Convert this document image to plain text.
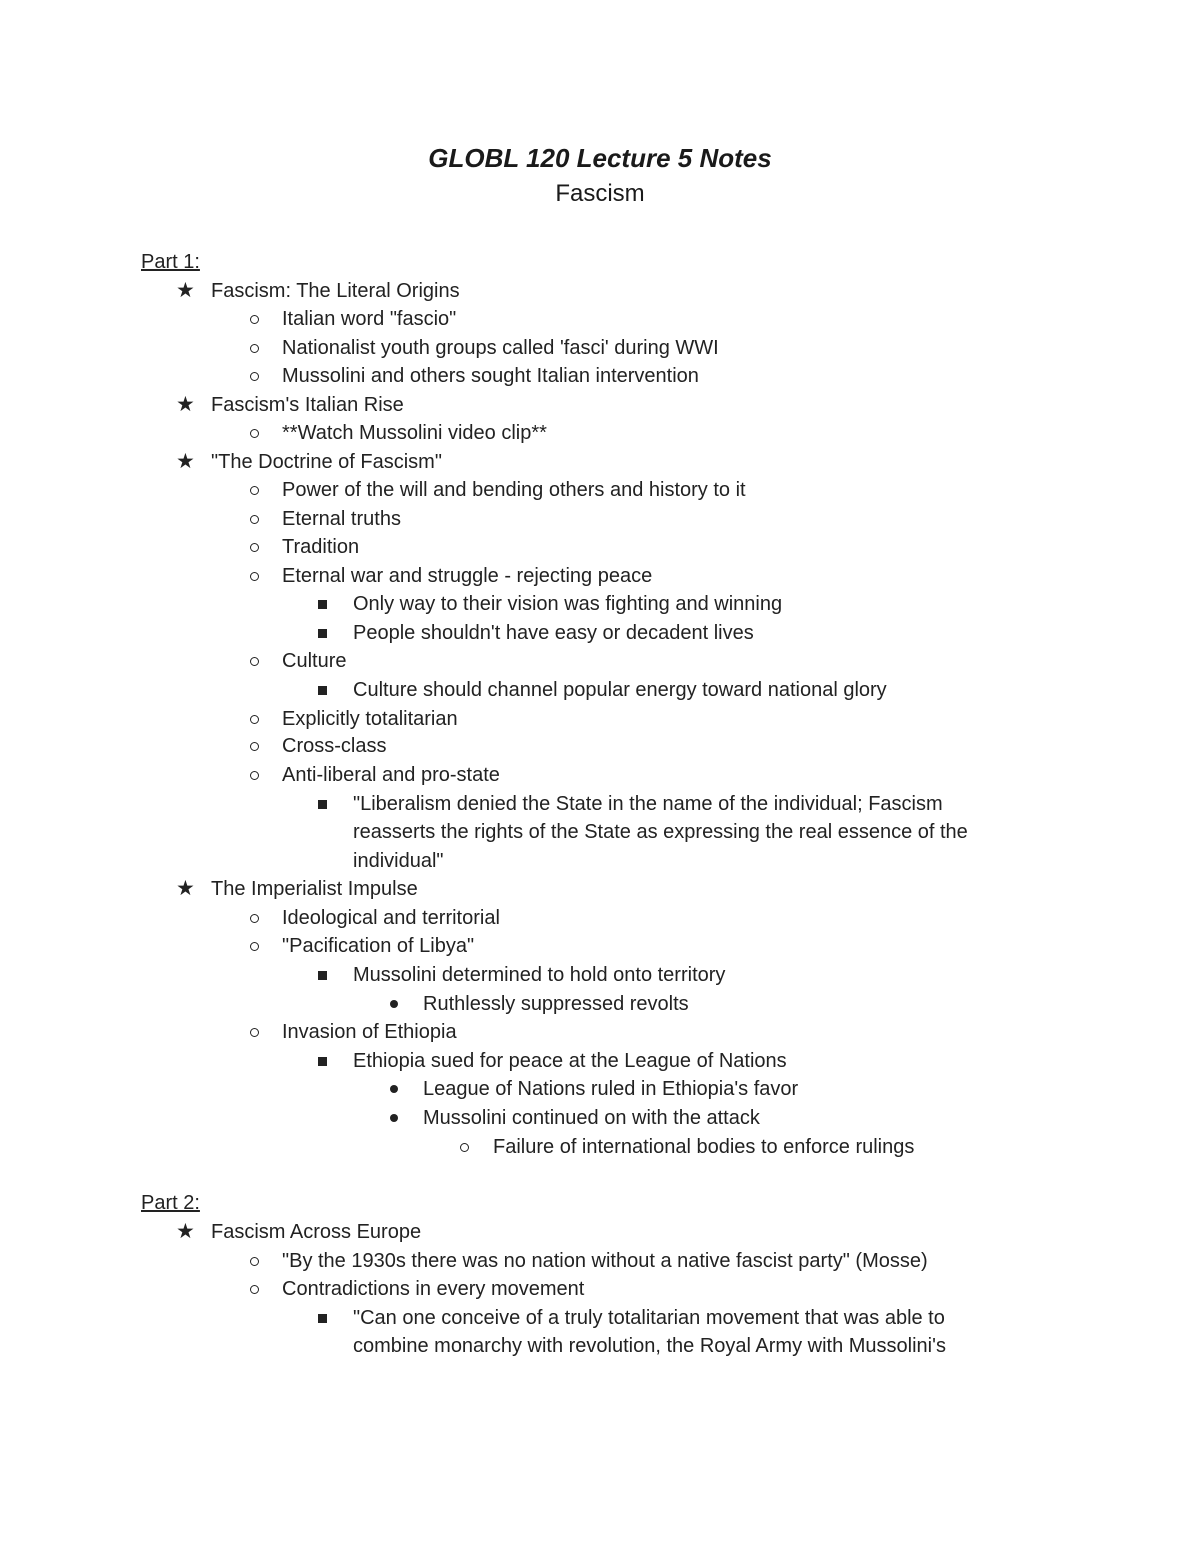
GLOBL 120 Lecture 5 Notes
Fascism
Part 1:
★ Fascism: The Literal Origins
Italian word "fascio"
Nationalist youth groups called 'fasci' during WWI
Mussolini and others sought Italian intervention
★ Fascism's Italian Rise
**Watch Mussolini video clip**
★ "The Doctrine of Fascism"
Power of the will and bending others and history to it
Eternal truths
Tradition
Eternal war and struggle - rejecting peace
Only way to their vision was fighting and winning
People shouldn't have easy or decadent lives
Culture
Culture should channel popular energy toward national glory
Explicitly totalitarian
Cross-class
Anti-liberal and pro-state
"Liberalism denied the State in the name of the individual; Fascism
reasserts the rights of the State as expressing the real essence of the
individual"
★ The Imperialist Impulse
Ideological and territorial
"Pacification of Libya"
Mussolini determined to hold onto territory
Ruthlessly suppressed revolts
Invasion of Ethiopia
Ethiopia sued for peace at the League of Nations
League of Nations ruled in Ethiopia's favor
Mussolini continued on with the attack
Failure of international bodies to enforce rulings
Part 2:
★ Fascism Across Europe
"By the 1930s there was no nation without a native fascist party" (Mosse)
Contradictions in every movement
"Can one conceive of a truly totalitarian movement that was able to
combine monarchy with revolution, the Royal Army with Mussolini's
